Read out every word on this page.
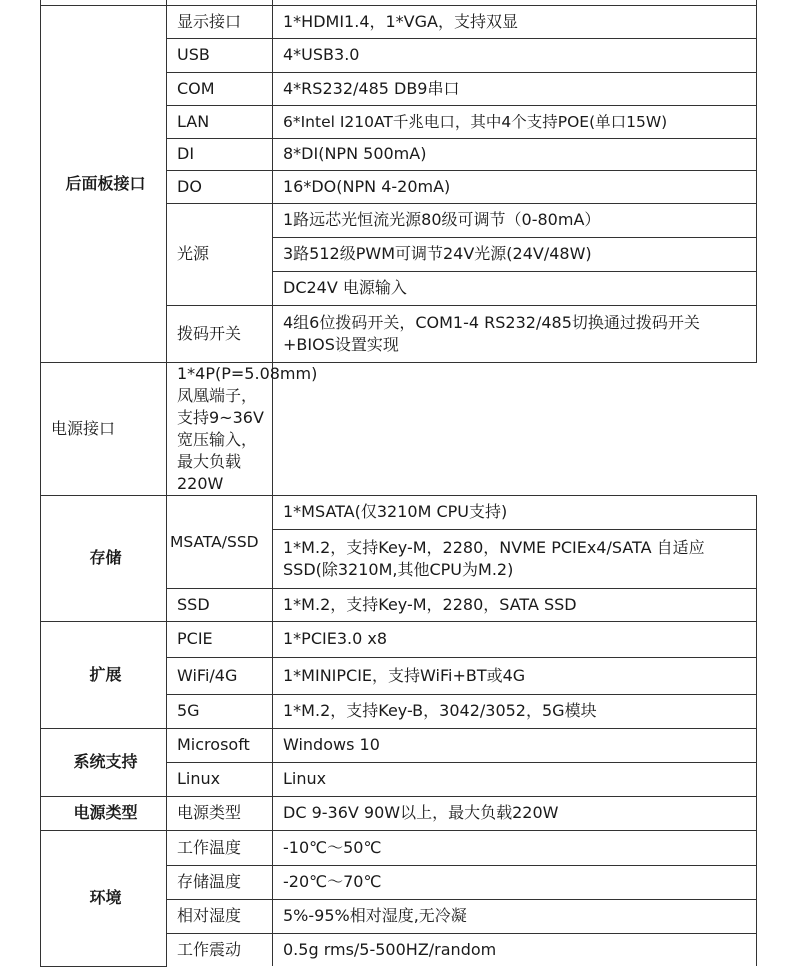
后面板接口	显示接口	1*HDMI1.4，1*VGA，支持双显
	USB	4*USB3.0
	COM	4*RS232/485 DB9串口
	LAN	6*Intel I210AT千兆电口，其中4个支持POE(单口15W)
	DI	8*DI(NPN 500mA)
	DO	16*DO(NPN 4-20mA)
	光源	1路远芯光恒流光源80级可调节（0-80mA）
		3路512级PWM可调节24V光源(24V/48W)
		DC24V 电源输入
	拨码开关	4组6位拨码开关，COM1-4 RS232/485切换通过拨码开关+BIOS设置实现
电源接口	1*4P(P=5.08mm)凤凰端子，支持9~36V宽压输入，最大负载220W	
存储	MSATA/SSD	1*MSATA(仅3210M CPU支持)
		1*M.2，支持Key-M，2280，NVME PCIEx4/SATA 自适应SSD(除3210M,其他CPU为M.2)
	SSD	1*M.2，支持Key-M，2280，SATA SSD
扩展	PCIE	1*PCIE3.0 x8
	WiFi/4G	1*MINIPCIE，支持WiFi+BT或4G
	5G	1*M.2，支持Key-B，3042/3052，5G模块
系统支持	Microsoft	Windows 10
	Linux	Linux
电源类型	电源类型	DC 9-36V 90W以上，最大负载220W
环境	工作温度	-10℃～50℃
	存储温度	-20℃～70℃
	相对湿度	5%-95%相对湿度,无冷凝
	工作震动	0.5g rms/5-500HZ/random
